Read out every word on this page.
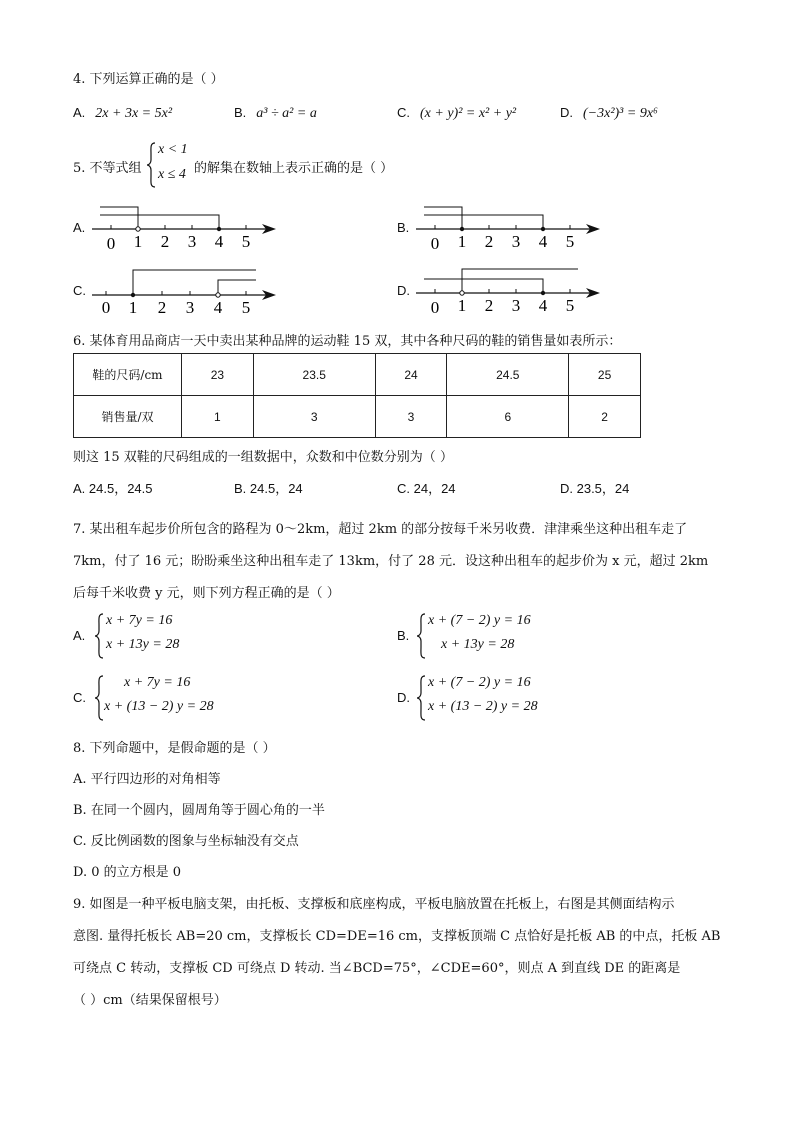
4. 下列运算正确的是（ ）
A. 2x + 3x = 5x²	B. a³ ÷ a² = a	C. (x + y)² = x² + y²	D. (−3x²)³ = 9x⁶
5. 不等式组
x < 1
x ≤ 4 的解集在数轴上表示正确的是（ ）
A.
0 1 2 3 4 5
B.
0 1 2 3 4 5
C.
0 1 2 3 4 5
D.
0 1 2 3 4 5
6. 某体育用品商店一天中卖出某种品牌的运动鞋 15 双，其中各种尺码的鞋的销售量如表所示：
鞋的尺码/cm	23	23.5	24	24.5	25
销售量/双	1	3	3	6	2
则这 15 双鞋的尺码组成的一组数据中，众数和中位数分别为（ ）
A. 24.5，24.5	B. 24.5，24	C. 24，24	D. 23.5，24
7. 某出租车起步价所包含的路程为 0～2km，超过 2km 的部分按每千米另收费．津津乘坐这种出租车走了
7km，付了 16 元；盼盼乘坐这种出租车走了 13km，付了 28 元．设这种出租车的起步价为 x 元，超过 2km
后每千米收费 y 元，则下列方程正确的是（ ）
A.
x + 7y = 16
x + 13y = 28
B.
x + (7 − 2) y = 16
x + 13y = 28
C.
x + 7y = 16
x + (13 − 2) y = 28
D.
x + (7 − 2) y = 16
x + (13 − 2) y = 28
8. 下列命题中，是假命题的是（ ）
A. 平行四边形的对角相等
B. 在同一个圆内，圆周角等于圆心角的一半
C. 反比例函数的图象与坐标轴没有交点
D. 0 的立方根是 0
9. 如图是一种平板电脑支架，由托板、支撑板和底座构成，平板电脑放置在托板上，右图是其侧面结构示
意图. 量得托板长 AB=20 cm，支撑板长 CD=DE=16 cm，支撑板顶端 C 点恰好是托板 AB 的中点，托板 AB
可绕点 C 转动，支撑板 CD 可绕点 D 转动. 当∠BCD=75°，∠CDE=60°，则点 A 到直线 DE 的距离是
（ ）cm（结果保留根号）
